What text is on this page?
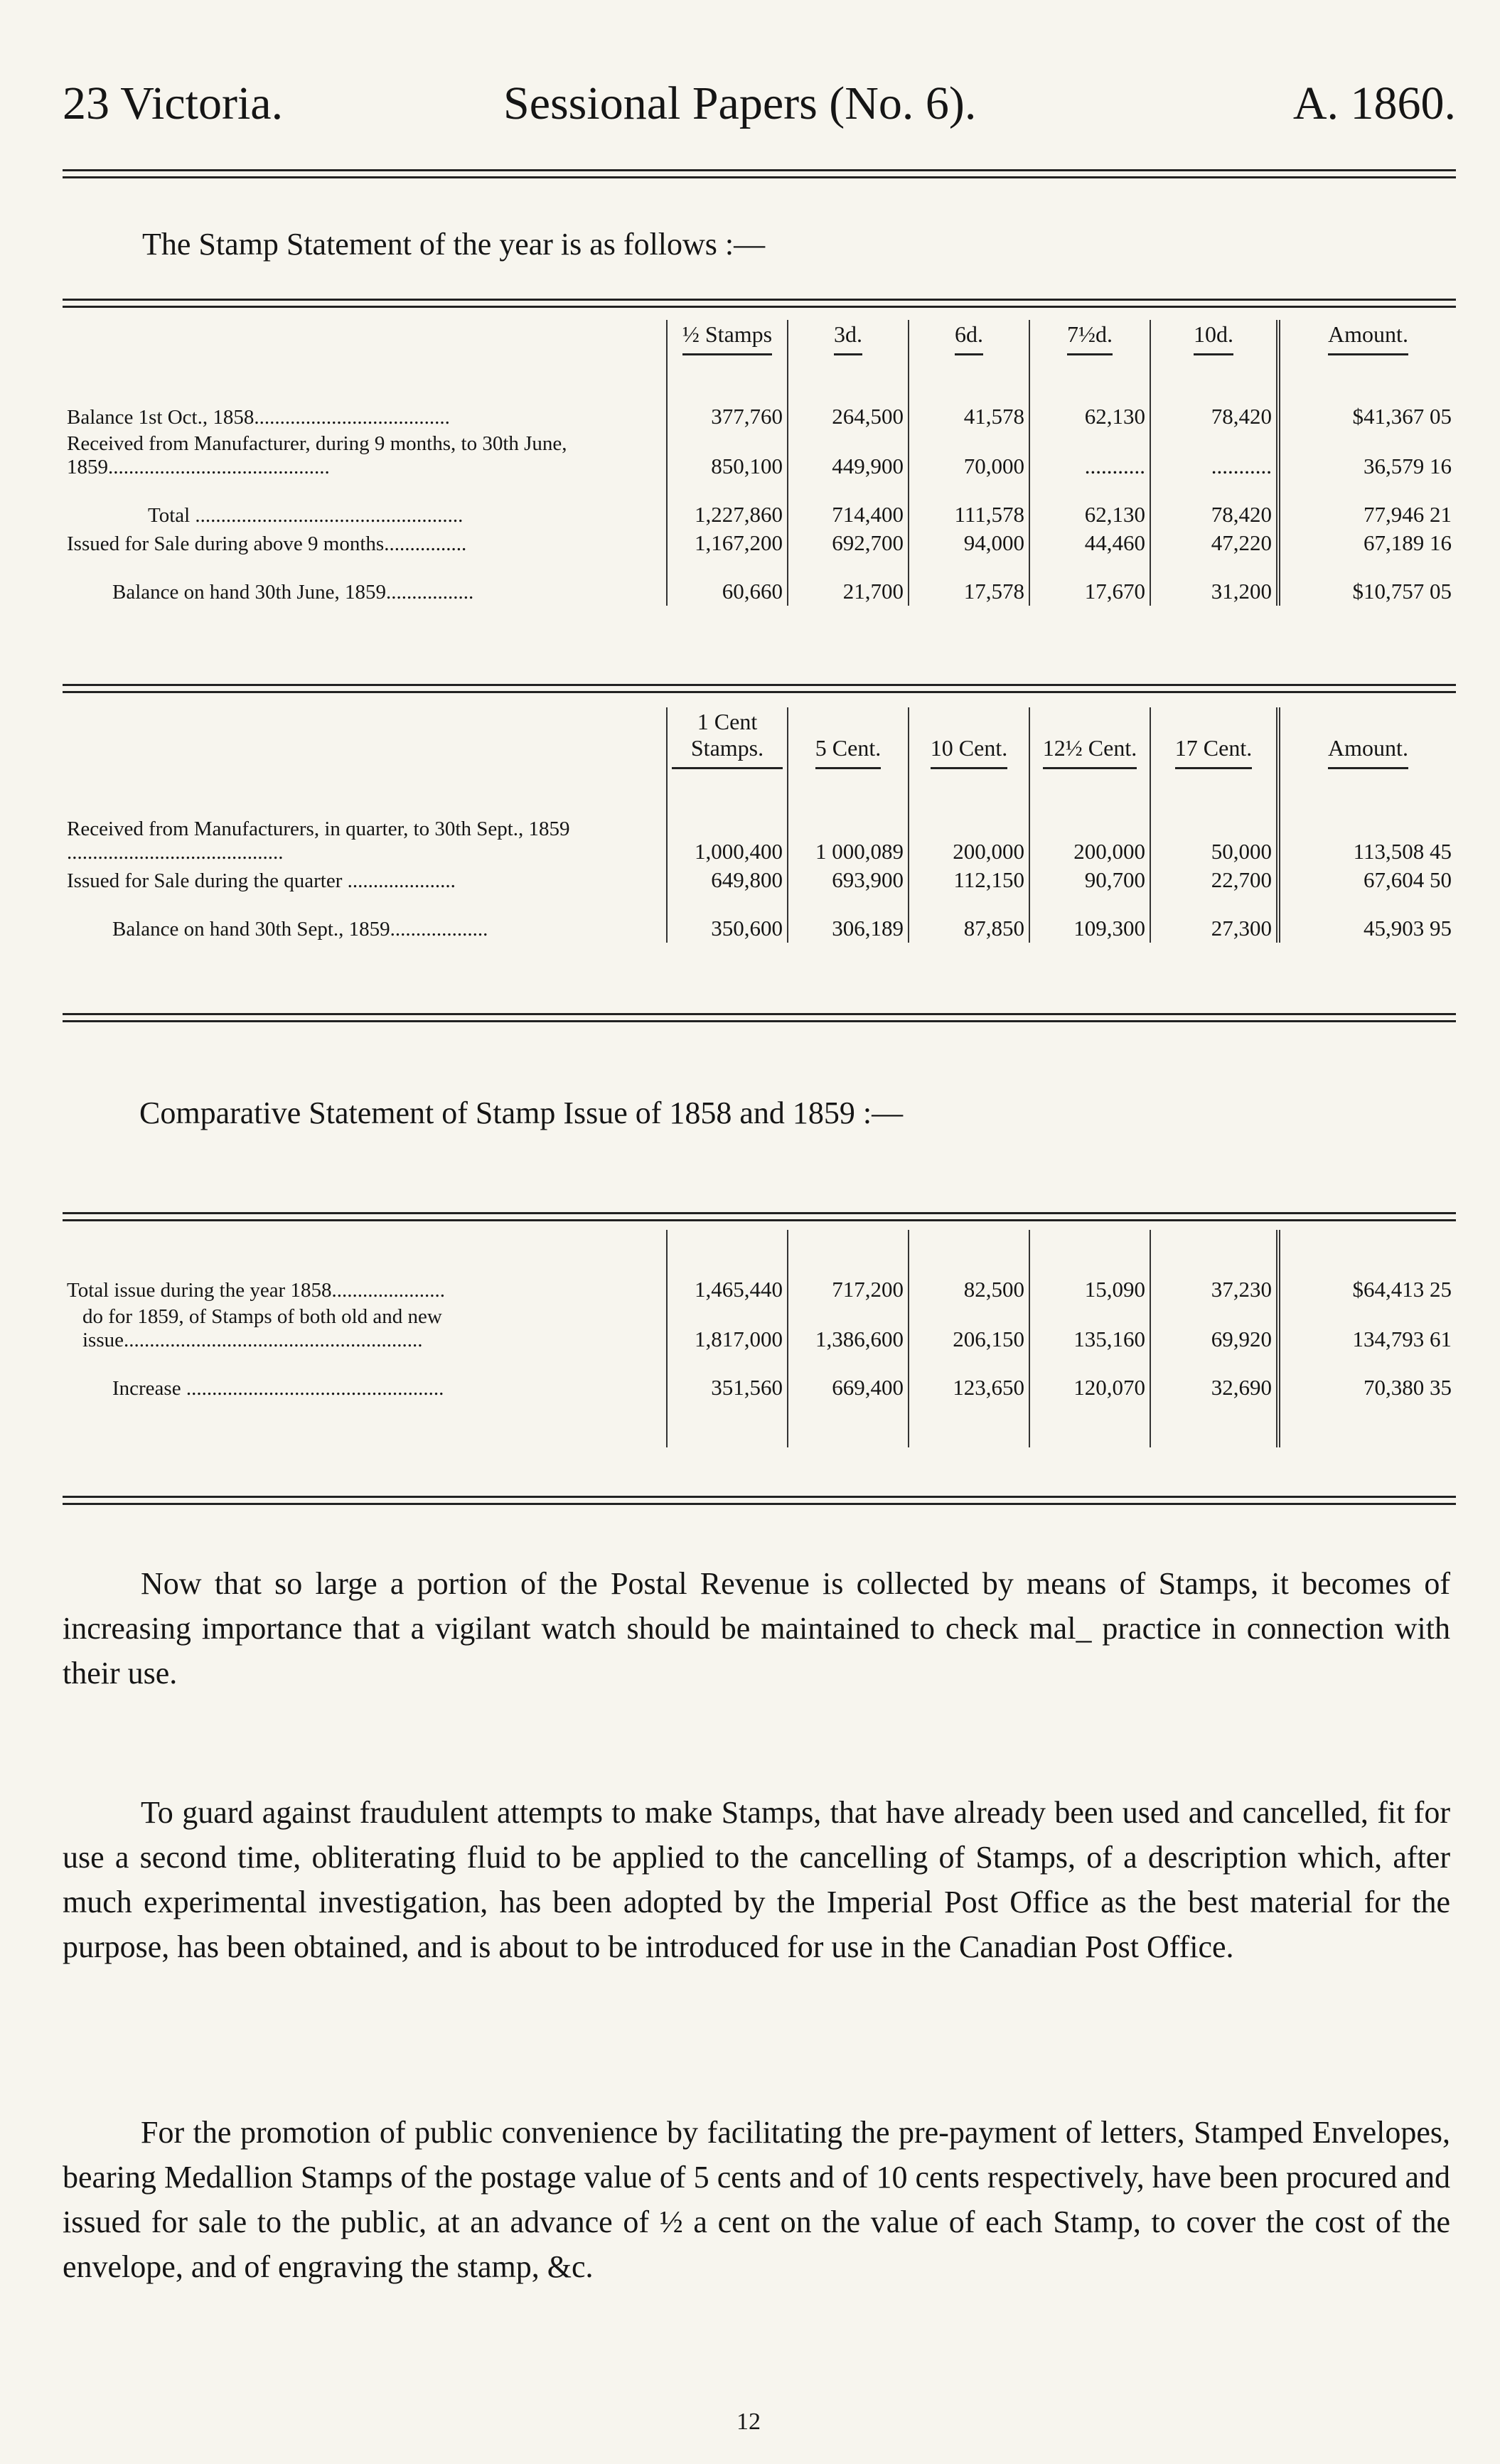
23 Victoria.	Sessional Papers (No. 6).	A. 1860.
The Stamp Statement of the year is as follows :—
	½ Stamps	3d.	6d.	7½d.	10d.	Amount.

Balance 1st Oct., 1858......................................	377,760	264,500	41,578	62,130	78,420	$41,367 05
Received from Manufacturer, during 9 months, to 30th June, 1859...........................................	850,100	449,900	70,000	...........	...........	36,579 16

Total ....................................................	1,227,860	714,400	111,578	62,130	78,420	77,946 21
Issued for Sale during above 9 months................	1,167,200	692,700	94,000	44,460	47,220	67,189 16

Balance on hand 30th June, 1859.................	60,660	21,700	17,578	17,670	31,200	$10,757 05
	1 Cent Stamps.	5 Cent.	10 Cent.	12½ Cent.	17 Cent.	Amount.

Received from Manufacturers, in quarter, to 30th Sept., 1859 ..........................................	1,000,400	1 000,089	200,000	200,000	50,000	113,508 45
Issued for Sale during the quarter .....................	649,800	693,900	112,150	90,700	22,700	67,604 50

Balance on hand 30th Sept., 1859...................	350,600	306,189	87,850	109,300	27,300	45,903 95
Comparative Statement of Stamp Issue of 1858 and 1859 :—

Total issue during the year 1858......................	1,465,440	717,200	82,500	15,090	37,230	$64,413 25
do for 1859, of Stamps of both old and new issue..........................................................	1,817,000	1,386,600	206,150	135,160	69,920	134,793 61

Increase ..................................................	351,560	669,400	123,650	120,070	32,690	70,380 35

Now that so large a portion of the Postal Revenue is collected by means of Stamps, it becomes of increasing importance that a vigilant watch should be maintained to check mal_ practice in connection with their use.

To guard against fraudulent attempts to make Stamps, that have already been used and cancelled, fit for use a second time, obliterating fluid to be applied to the cancelling of Stamps, of a description which, after much experimental investigation, has been adopted by the Imperial Post Office as the best material for the purpose, has been obtained, and is about to be introduced for use in the Canadian Post Office.

For the promotion of public convenience by facilitating the pre-payment of letters, Stamped Envelopes, bearing Medallion Stamps of the postage value of 5 cents and of 10 cents respectively, have been procured and issued for sale to the public, at an advance of ½ a cent on the value of each Stamp, to cover the cost of the envelope, and of engraving the stamp, &c.

12
